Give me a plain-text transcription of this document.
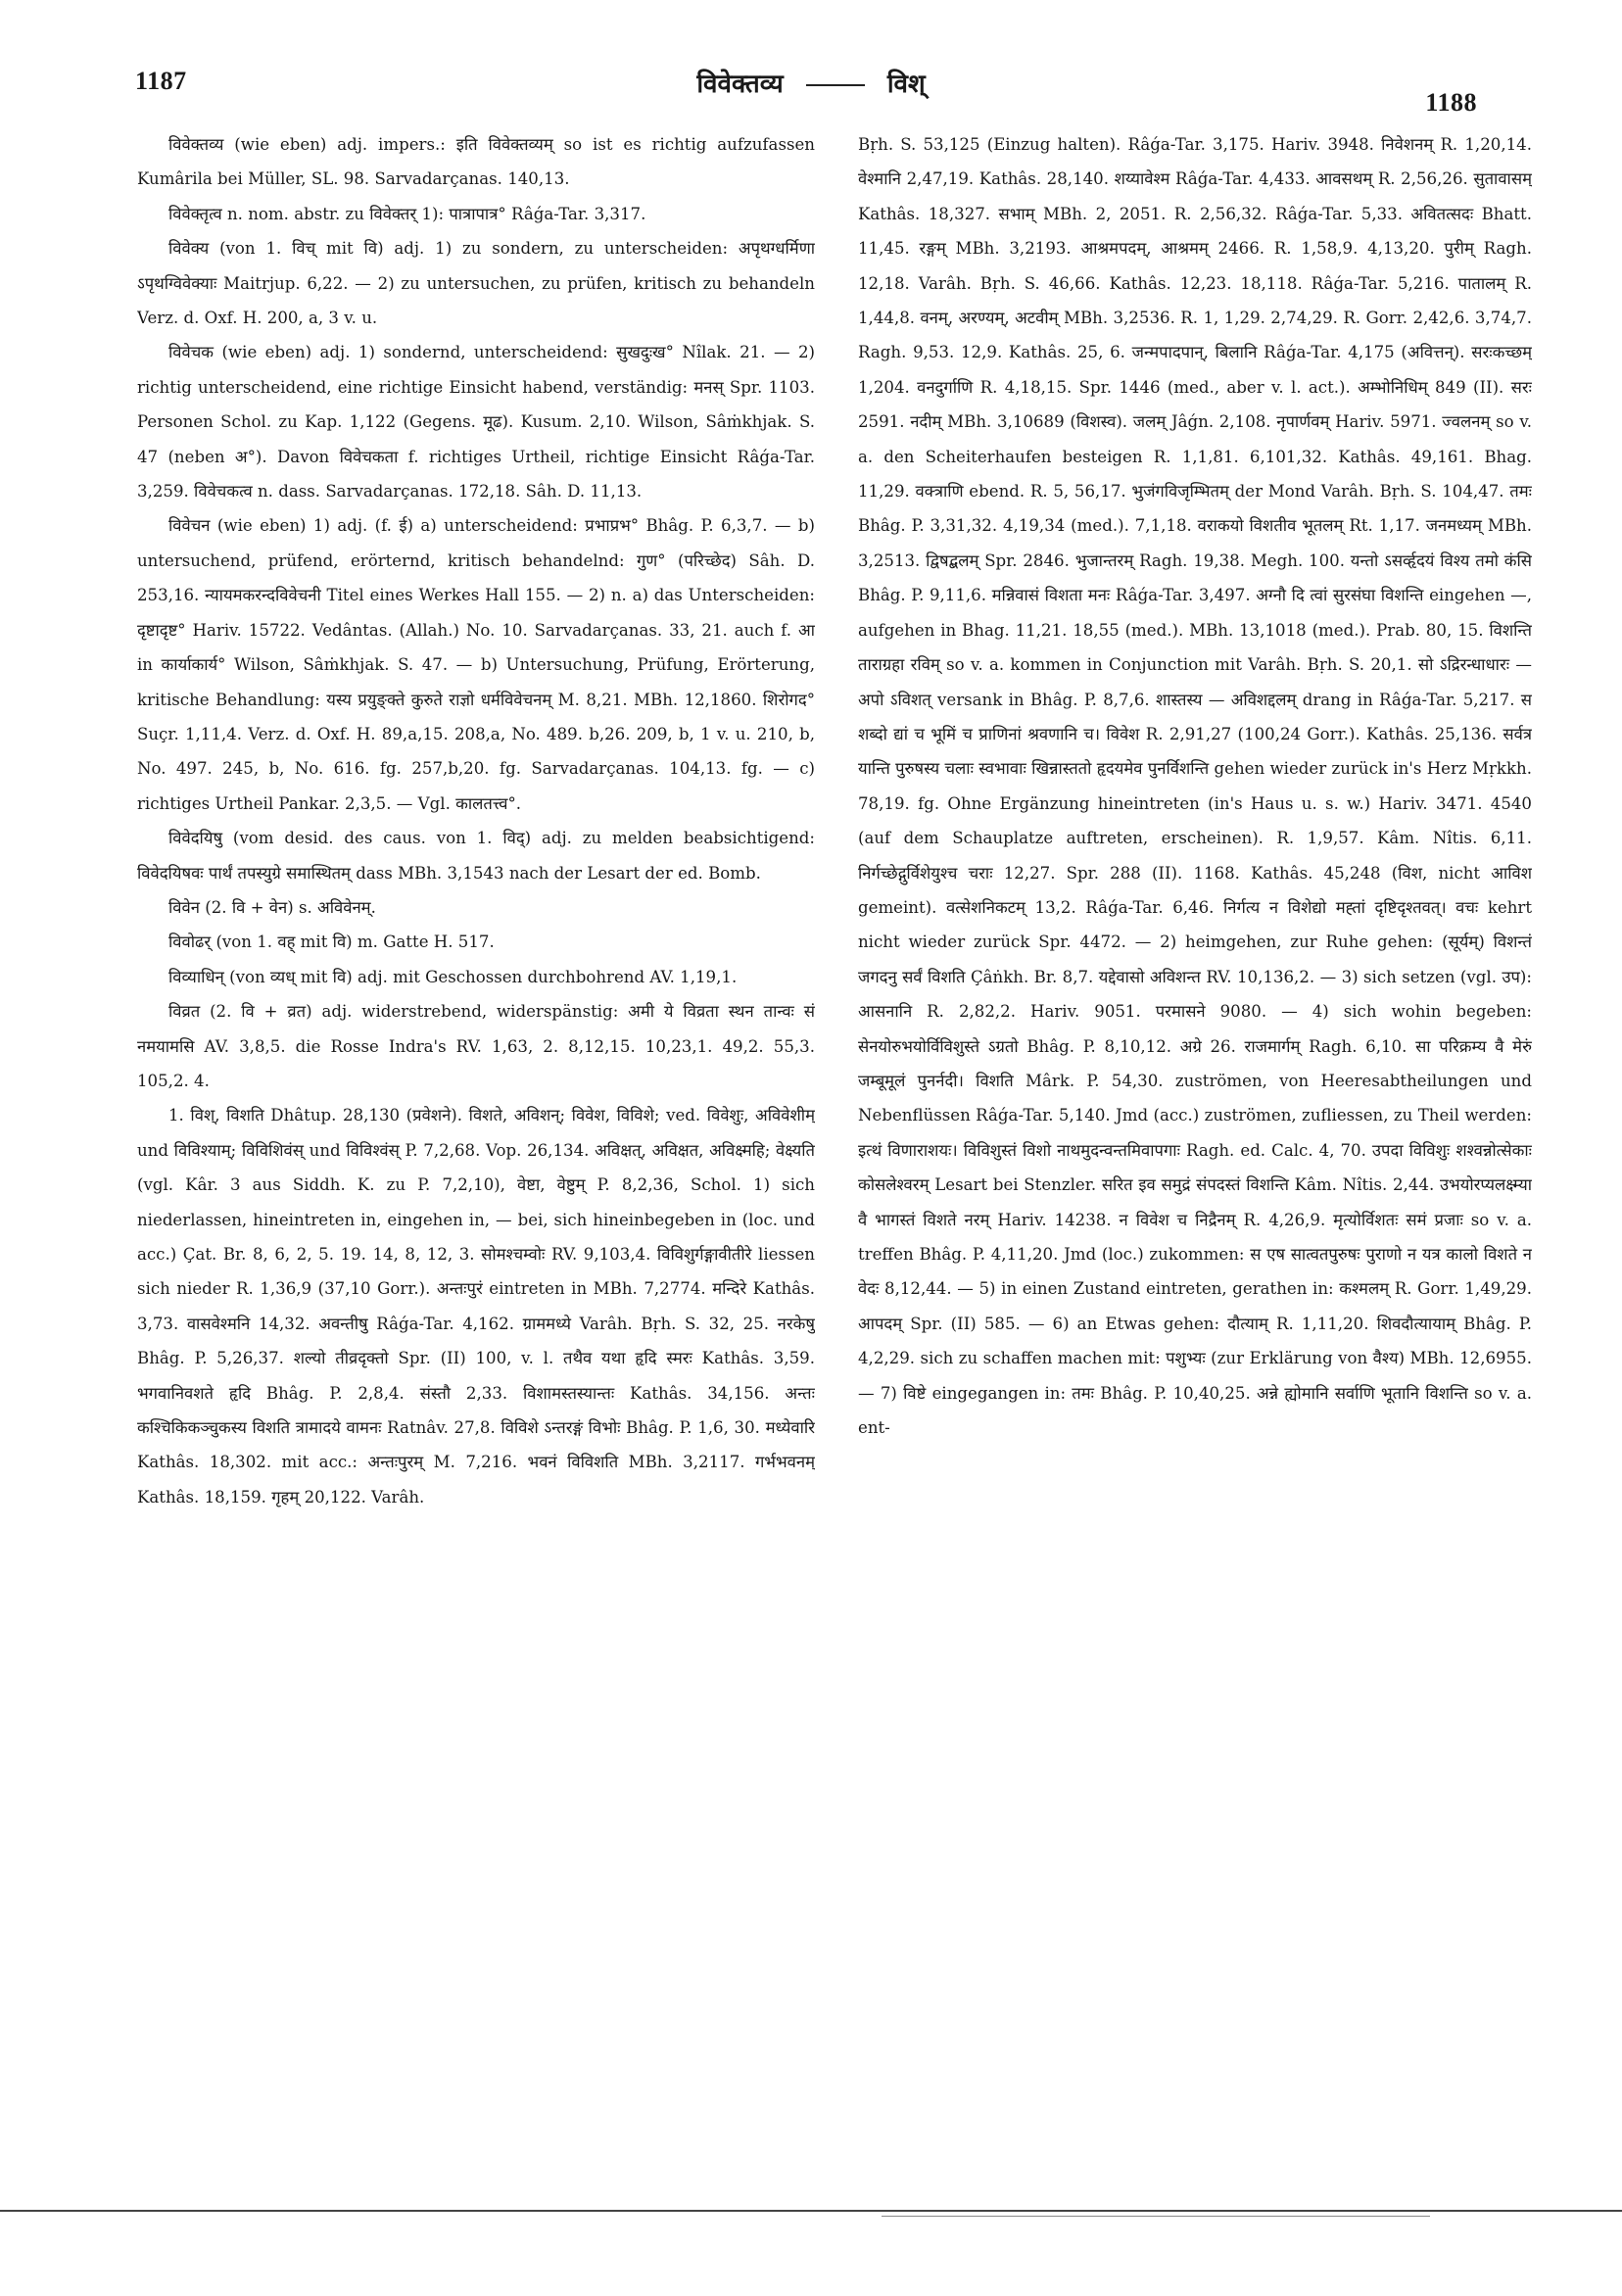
1187	विवेक्तव्य	विश्
1188

विवेक्तव्य (wie eben) adj. impers.: इति विवेक्तव्यम् so ist es richtig aufzufassen Kumârila bei Müller, SL. 98. Sarvadarçanas. 140,13.

विवेक्तृत्व n. nom. abstr. zu विवेक्तर् 1): पात्रापात्र° Râǵa-Tar. 3,317.

विवेक्य (von 1. विच् mit वि) adj. 1) zu sondern, zu unterscheiden: अपृथग्धर्मिणा ऽपृथग्विवेक्याः Maitrjup. 6,22. — 2) zu untersuchen, zu prüfen, kritisch zu behandeln Verz. d. Oxf. H. 200, a, 3 v. u.

विवेचक (wie eben) adj. 1) sondernd, unterscheidend: सुखदुःख° Nîlak. 21. — 2) richtig unterscheidend, eine richtige Einsicht habend, verständig: मनस् Spr. 1103. Personen Schol. zu Kap. 1,122 (Gegens. मूढ). Kusum. 2,10. Wilson, Sâṁkhjak. S. 47 (neben अ°). Davon विवेचकता f. richtiges Urtheil, richtige Einsicht Râǵa-Tar. 3,259. विवेचकत्व n. dass. Sarvadarçanas. 172,18. Sâh. D. 11,13.

विवेचन (wie eben) 1) adj. (f. ई) a) unterscheidend: प्रभाप्रभ° Bhâg. P. 6,3,7. — b) untersuchend, prüfend, erörternd, kritisch behandelnd: गुण° (परिच्छेद) Sâh. D. 253,16. न्यायमकरन्दविवेचनी Titel eines Werkes Hall 155. — 2) n. a) das Unterscheiden: दृष्टादृष्ट° Hariv. 15722. Vedântas. (Allah.) No. 10. Sarvadarçanas. 33, 21. auch f. आ in कार्याकार्य° Wilson, Sâṁkhjak. S. 47. — b) Untersuchung, Prüfung, Erörterung, kritische Behandlung: यस्य प्रयुङ्क्ते कुरुते राज्ञो धर्मविवेचनम् M. 8,21. MBh. 12,1860. शिरोगद° Suçr. 1,11,4. Verz. d. Oxf. H. 89,a,15. 208,a, No. 489. b,26. 209, b, 1 v. u. 210, b, No. 497. 245, b, No. 616. fg. 257,b,20. fg. Sarvadarçanas. 104,13. fg. — c) richtiges Urtheil Pankar. 2,3,5. — Vgl. कालतत्त्व°.

विवेदयिषु (vom desid. des caus. von 1. विद्) adj. zu melden beabsichtigend: विवेदयिषवः पार्थं तपस्युग्रे समास्थितम् dass MBh. 3,1543 nach der Lesart der ed. Bomb.

विवेन (2. वि + वेन) s. अविवेनम्.

विवोढर् (von 1. वह् mit वि) m. Gatte H. 517.

विव्याधिन् (von व्यध् mit वि) adj. mit Geschossen durchbohrend AV. 1,19,1.

विव्रत (2. वि + व्रत) adj. widerstrebend, widerspänstig: अमी ये विव्रता स्थन तान्वः सं नमयामसि AV. 3,8,5. die Rosse Indra's RV. 1,63, 2. 8,12,15. 10,23,1. 49,2. 55,3. 105,2. 4.

1. विश्, विशति Dhâtup. 28,130 (प्रवेशने). विशते, अविशन्; विवेश, विविशे; ved. विवेशुः, अविवेशीम् und विविश्याम्; विविशिवंस् und विविश्वंस् P. 7,2,68. Vop. 26,134. अविक्षत्, अविक्षत, अविक्ष्महि; वेक्ष्यति (vgl. Kâr. 3 aus Siddh. K. zu P. 7,2,10), वेष्टा, वेष्टुम् P. 8,2,36, Schol. 1) sich niederlassen, hineintreten in, eingehen in, — bei, sich hineinbegeben in (loc. und acc.) Çat. Br. 8, 6, 2, 5. 19. 14, 8, 12, 3. सोमश्चम्वोः RV. 9,103,4. विविशुर्गङ्गावीतीरे liessen sich nieder R. 1,36,9 (37,10 Gorr.). अन्तःपुरं eintreten in MBh. 7,2774. मन्दिरे Kathâs. 3,73. वासवेश्मनि 14,32. अवन्तीषु Râǵa-Tar. 4,162. ग्राममध्ये Varâh. Bṛh. S. 32, 25. नरकेषु Bhâg. P. 5,26,37. शल्यो तीव्रदृक्तो Spr. (II) 100, v. l. तथैव यथा हृदि स्मरः Kathâs. 3,59. भगवानिवशते हृदि Bhâg. P. 2,8,4. संस्तौ 2,33. विशामस्तस्यान्तः Kathâs. 34,156. अन्तः कश्चिकिकञ्चुकस्य विशति त्रामादये वामनः Ratnâv. 27,8. विविशे ऽन्तरङ्गं विभोः Bhâg. P. 1,6, 30. मध्येवारि Kathâs. 18,302. mit acc.: अन्तःपुरम् M. 7,216. भवनं विविशति MBh. 3,2117. गर्भभवनम् Kathâs. 18,159. गृहम् 20,122. Varâh.

Bṛh. S. 53,125 (Einzug halten). Râǵa-Tar. 3,175. Hariv. 3948. निवेशनम् R. 1,20,14. वेश्मानि 2,47,19. Kathâs. 28,140. शय्यावेश्म Râǵa-Tar. 4,433. आवसथम् R. 2,56,26. सुतावासम् Kathâs. 18,327. सभाम् MBh. 2, 2051. R. 2,56,32. Râǵa-Tar. 5,33. अवितत्सदः Bhatt. 11,45. रङ्गम् MBh. 3,2193. आश्रमपदम्, आश्रमम् 2466. R. 1,58,9. 4,13,20. पुरीम् Ragh. 12,18. Varâh. Bṛh. S. 46,66. Kathâs. 12,23. 18,118. Râǵa-Tar. 5,216. पातालम् R. 1,44,8. वनम्, अरण्यम्, अटवीम् MBh. 3,2536. R. 1, 1,29. 2,74,29. R. Gorr. 2,42,6. 3,74,7. Ragh. 9,53. 12,9. Kathâs. 25, 6. जन्मपादपान्, बिलानि Râǵa-Tar. 4,175 (अवित्तन्). सरःकच्छम् 1,204. वनदुर्गाणि R. 4,18,15. Spr. 1446 (med., aber v. l. act.). अम्भोनिधिम् 849 (II). सरः 2591. नदीम् MBh. 3,10689 (विशस्व). जलम् Jâǵn. 2,108. नृपार्णवम् Hariv. 5971. ज्वलनम् so v. a. den Scheiterhaufen besteigen R. 1,1,81. 6,101,32. Kathâs. 49,161. Bhag. 11,29. वक्त्राणि ebend. R. 5, 56,17. भुजंगविजृम्भितम् der Mond Varâh. Bṛh. S. 104,47. तमः Bhâg. P. 3,31,32. 4,19,34 (med.). 7,1,18. वराकयो विशतीव भूतलम् Rt. 1,17. जनमध्यम् MBh. 3,2513. द्विषद्बलम् Spr. 2846. भुजान्तरम् Ragh. 19,38. Megh. 100. यन्तो ऽसर्व्हृदयं विश्य तमो कंसि Bhâg. P. 9,11,6. मन्निवासं विशता मनः Râǵa-Tar. 3,497. अग्नौ दि त्वां सुरसंघा विशन्ति eingehen —, aufgehen in Bhag. 11,21. 18,55 (med.). MBh. 13,1018 (med.). Prab. 80, 15. विशन्ति ताराग्रहा रविम् so v. a. kommen in Conjunction mit Varâh. Bṛh. S. 20,1. सो ऽद्रिरन्धाधारः — अपो ऽविशत् versank in Bhâg. P. 8,7,6. शास्तस्य — अविशद्दलम् drang in Râǵa-Tar. 5,217. स शब्दो द्यां च भूमिं च प्राणिनां श्रवणानि च। विवेश R. 2,91,27 (100,24 Gorr.). Kathâs. 25,136. सर्वत्र यान्ति पुरुषस्य चलाः स्वभावाः खिन्नास्ततो हृदयमेव पुनर्विशन्ति gehen wieder zurück in's Herz Mṛkkh. 78,19. fg. Ohne Ergänzung hineintreten (in's Haus u. s. w.) Hariv. 3471. 4540 (auf dem Schauplatze auftreten, erscheinen). R. 1,9,57. Kâm. Nîtis. 6,11. निर्गच्छेद्गुर्विशेयुश्च चराः 12,27. Spr. 288 (II). 1168. Kathâs. 45,248 (विश, nicht आविश gemeint). वत्सेशनिकटम् 13,2. Râǵa-Tar. 6,46. निर्गत्य न विशेद्यो मह्तां दृष्टिदृश्तवत्। वचः kehrt nicht wieder zurück Spr. 4472. — 2) heimgehen, zur Ruhe gehen: (सूर्यम्) विशन्तं जगदनु सर्वं विशति Çâṅkh. Br. 8,7. यद्देवासो अविशन्त RV. 10,136,2. — 3) sich setzen (vgl. उप): आसनानि R. 2,82,2. Hariv. 9051. परमासने 9080. — 4) sich wohin begeben: सेनयोरुभयोर्विविशुस्ते ऽग्रतो Bhâg. P. 8,10,12. अग्रे 26. राजमार्गम् Ragh. 6,10. सा परिक्रम्य वै मेरुं जम्बूमूलं पुनर्नदी। विशति Mârk. P. 54,30. zuströmen, von Heeresabtheilungen und Nebenflüssen Râǵa-Tar. 5,140. Jmd (acc.) zuströmen, zufliessen, zu Theil werden: इत्थं विणाराशयः। विविशुस्तं विशो नाथमुदन्वन्तमिवापगाः Ragh. ed. Calc. 4, 70. उपदा विविशुः शश्वन्नोत्सेकाः कोसलेश्वरम् Lesart bei Stenzler. सरित इव समुद्रं संपदस्तं विशन्ति Kâm. Nîtis. 2,44. उभयोरप्यलक्ष्म्या वै भागस्तं विशते नरम् Hariv. 14238. न विवेश च निद्रैनम् R. 4,26,9. मृत्योर्विशतः समं प्रजाः so v. a. treffen Bhâg. P. 4,11,20. Jmd (loc.) zukommen: स एष सात्वतपुरुषः पुराणो न यत्र कालो विशते न वेदः 8,12,44. — 5) in einen Zustand eintreten, gerathen in: कश्मलम् R. Gorr. 1,49,29. आपदम् Spr. (II) 585. — 6) an Etwas gehen: दौत्याम् R. 1,11,20. शिवदौत्यायाम् Bhâg. P. 4,2,29. sich zu schaffen machen mit: पशुभ्यः (zur Erklärung von वैश्य) MBh. 12,6955. — 7) विष्टे eingegangen in: तमः Bhâg. P. 10,40,25. अन्ने ह्योमानि सर्वाणि भूतानि विशन्ति so v. a. ent-
